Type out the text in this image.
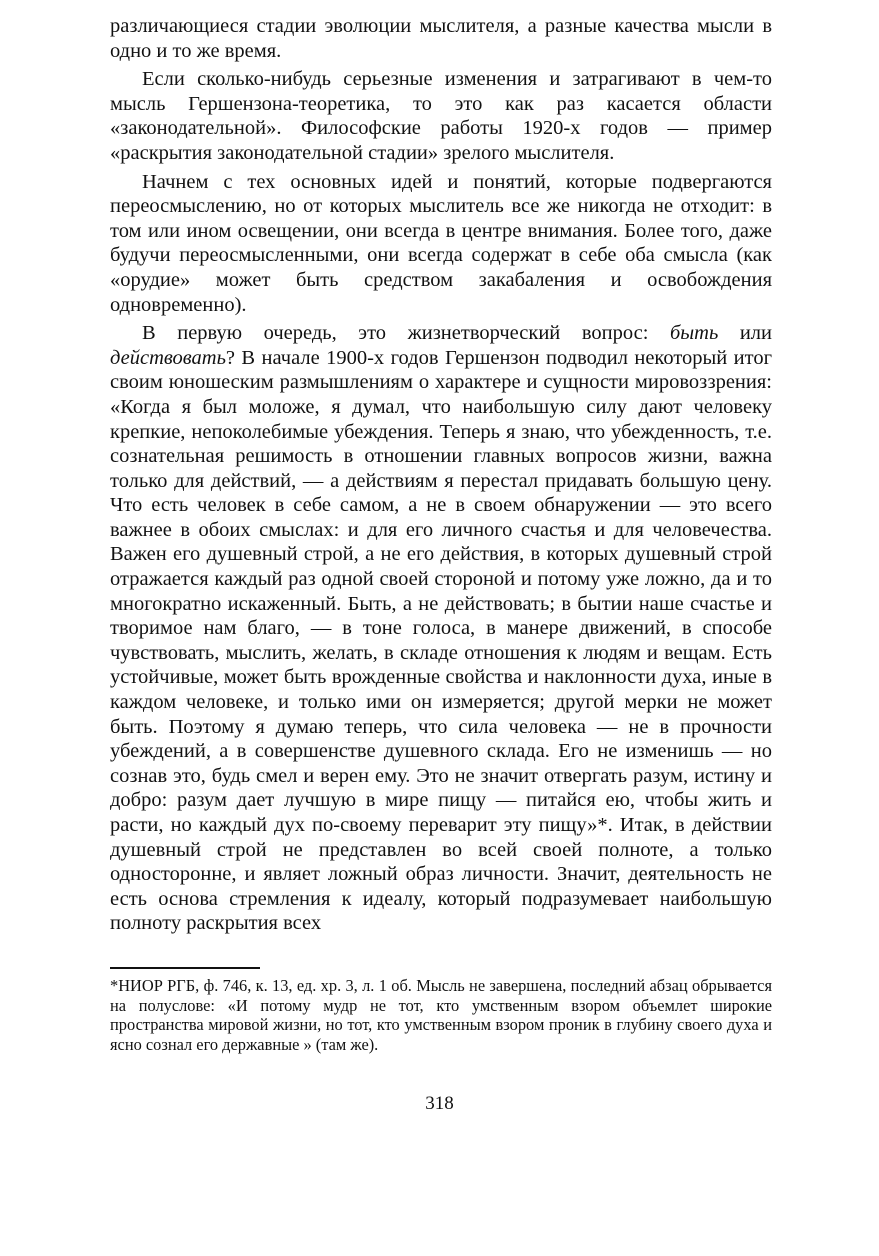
различающиеся стадии эволюции мыслителя, а разные качества мысли в одно и то же время.

Если сколько-нибудь серьезные изменения и затрагивают в чем-то мысль Гершензона-теоретика, то это как раз касается области «законодательной». Философские работы 1920-х годов — пример «раскрытия законодательной стадии» зрелого мыслителя.

Начнем с тех основных идей и понятий, которые подвергаются переосмыслению, но от которых мыслитель все же никогда не отходит: в том или ином освещении, они всегда в центре внимания. Более того, даже будучи переосмысленными, они всегда содержат в себе оба смысла (как «орудие» может быть средством закабаления и освобождения одновременно).

В первую очередь, это жизнетворческий вопрос: быть или действовать? В начале 1900-х годов Гершензон подводил некоторый итог своим юношеским размышлениям о характере и сущности мировоззрения: «Когда я был моложе, я думал, что наибольшую силу дают человеку крепкие, непоколебимые убеждения. Теперь я знаю, что убежденность, т.е. сознательная решимость в отношении главных вопросов жизни, важна только для действий, — а действиям я перестал придавать большую цену. Что есть человек в себе самом, а не в своем обнаружении — это всего важнее в обоих смыслах: и для его личного счастья и для человечества. Важен его душевный строй, а не его действия, в которых душевный строй отражается каждый раз одной своей стороной и потому уже ложно, да и то многократно искаженный. Быть, а не действовать; в бытии наше счастье и творимое нам благо, — в тоне голоса, в манере движений, в способе чувствовать, мыслить, желать, в складе отношения к людям и вещам. Есть устойчивые, может быть врожденные свойства и наклонности духа, иные в каждом человеке, и только ими он измеряется; другой мерки не может быть. Поэтому я думаю теперь, что сила человека — не в прочности убеждений, а в совершенстве душевного склада. Его не изменишь — но сознав это, будь смел и верен ему. Это не значит отвергать разум, истину и добро: разум дает лучшую в мире пищу — питайся ею, чтобы жить и расти, но каждый дух по-своему переварит эту пищу»*. Итак, в действии душевный строй не представлен во всей своей полноте, а только односторонне, и являет ложный образ личности. Значит, деятельность не есть основа стремления к идеалу, который подразумевает наибольшую полноту раскрытия всех

*НИОР РГБ, ф. 746, к. 13, ед. хр. 3, л. 1 об. Мысль не завершена, последний абзац обрывается на полуслове: «И потому мудр не тот, кто умственным взором объемлет широкие пространства мировой жизни, но тот, кто умственным взором проник в глубину своего духа и ясно сознал его державные » (там же).
318
